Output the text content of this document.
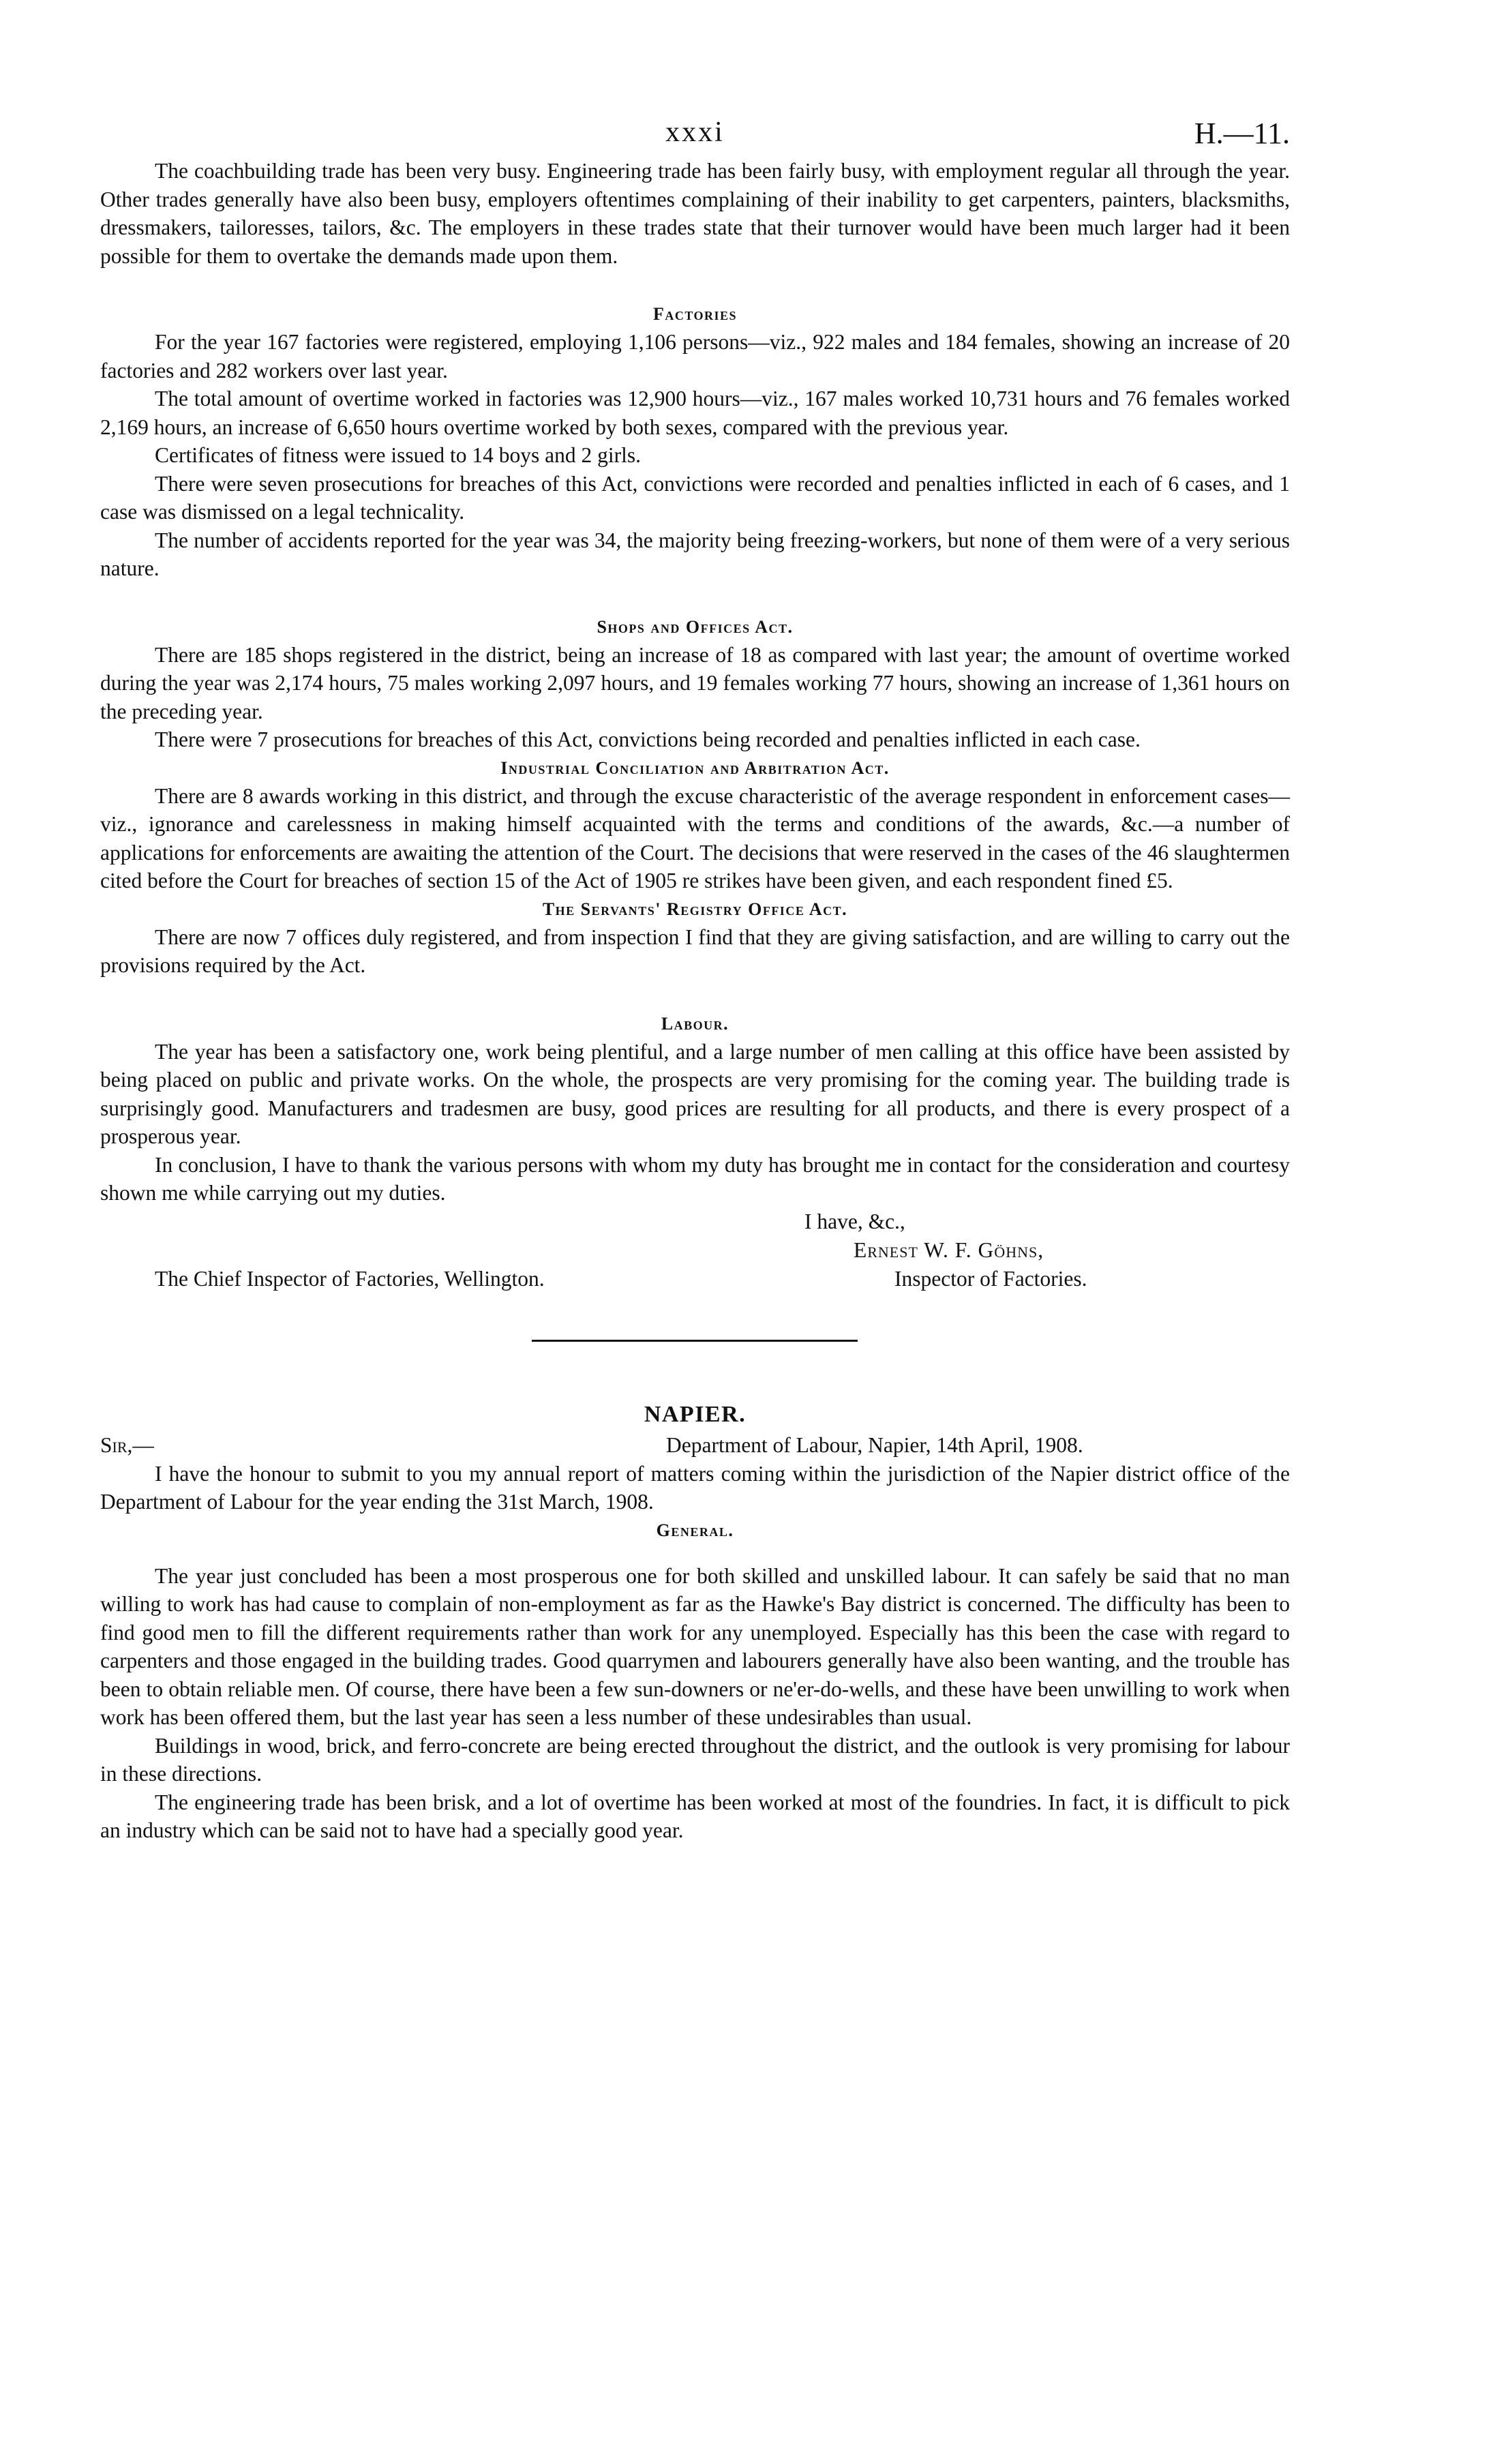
xxxi	H.—11.

The coachbuilding trade has been very busy. Engineering trade has been fairly busy, with employment regular all through the year. Other trades generally have also been busy, employers oftentimes complaining of their inability to get carpenters, painters, blacksmiths, dressmakers, tailoresses, tailors, &c. The employers in these trades state that their turnover would have been much larger had it been possible for them to overtake the demands made upon them.

Factories

For the year 167 factories were registered, employing 1,106 persons—viz., 922 males and 184 females, showing an increase of 20 factories and 282 workers over last year.

The total amount of overtime worked in factories was 12,900 hours—viz., 167 males worked 10,731 hours and 76 females worked 2,169 hours, an increase of 6,650 hours overtime worked by both sexes, compared with the previous year.

Certificates of fitness were issued to 14 boys and 2 girls.

There were seven prosecutions for breaches of this Act, convictions were recorded and penalties inflicted in each of 6 cases, and 1 case was dismissed on a legal technicality.

The number of accidents reported for the year was 34, the majority being freezing-workers, but none of them were of a very serious nature.

Shops and Offices Act.

There are 185 shops registered in the district, being an increase of 18 as compared with last year; the amount of overtime worked during the year was 2,174 hours, 75 males working 2,097 hours, and 19 females working 77 hours, showing an increase of 1,361 hours on the preceding year.

There were 7 prosecutions for breaches of this Act, convictions being recorded and penalties inflicted in each case.

Industrial Conciliation and Arbitration Act.

There are 8 awards working in this district, and through the excuse characteristic of the average respondent in enforcement cases—viz., ignorance and carelessness in making himself acquainted with the terms and conditions of the awards, &c.—a number of applications for enforcements are awaiting the attention of the Court. The decisions that were reserved in the cases of the 46 slaughtermen cited before the Court for breaches of section 15 of the Act of 1905 re strikes have been given, and each respondent fined £5.

The Servants' Registry Office Act.

There are now 7 offices duly registered, and from inspection I find that they are giving satisfaction, and are willing to carry out the provisions required by the Act.

Labour.

The year has been a satisfactory one, work being plentiful, and a large number of men calling at this office have been assisted by being placed on public and private works. On the whole, the prospects are very promising for the coming year. The building trade is surprisingly good. Manufacturers and tradesmen are busy, good prices are resulting for all products, and there is every prospect of a prosperous year.

In conclusion, I have to thank the various persons with whom my duty has brought me in contact for the consideration and courtesy shown me while carrying out my duties.

I have, &c.,
Ernest W. F. Göhns,
The Chief Inspector of Factories, Wellington.	Inspector of Factories.
NAPIER.
Sir,—	Department of Labour, Napier, 14th April, 1908.

I have the honour to submit to you my annual report of matters coming within the jurisdiction of the Napier district office of the Department of Labour for the year ending the 31st March, 1908.

General.

The year just concluded has been a most prosperous one for both skilled and unskilled labour. It can safely be said that no man willing to work has had cause to complain of non-employment as far as the Hawke's Bay district is concerned. The difficulty has been to find good men to fill the different requirements rather than work for any unemployed. Especially has this been the case with regard to carpenters and those engaged in the building trades. Good quarrymen and labourers generally have also been wanting, and the trouble has been to obtain reliable men. Of course, there have been a few sun-downers or ne'er-do-wells, and these have been unwilling to work when work has been offered them, but the last year has seen a less number of these undesirables than usual.

Buildings in wood, brick, and ferro-concrete are being erected throughout the district, and the outlook is very promising for labour in these directions.

The engineering trade has been brisk, and a lot of overtime has been worked at most of the foundries. In fact, it is difficult to pick an industry which can be said not to have had a specially good year.
